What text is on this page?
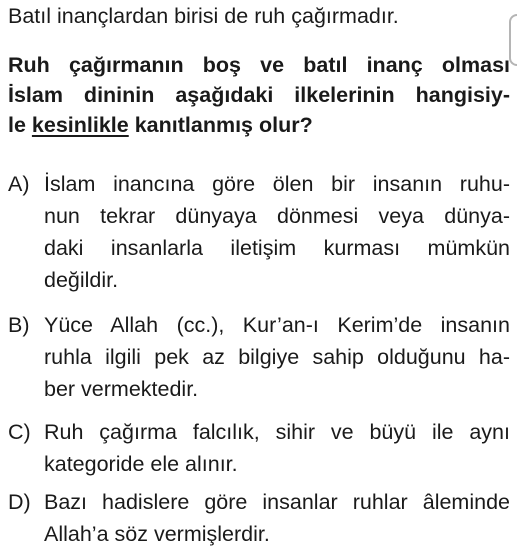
Batıl inançlardan birisi de ruh çağırmadır.
Ruh çağırmanın boş ve batıl inanç olması
İslam dininin aşağıdaki ilkelerinin hangisiy-
le kesinlikle kanıtlanmış olur?
A) İslam inancına göre ölen bir insanın ruhu-
nun tekrar dünyaya dönmesi veya dünya-
daki insanlarla iletişim kurması mümkün
değildir.
B) Yüce Allah (cc.), Kur’an-ı Kerim’de insanın
ruhla ilgili pek az bilgiye sahip olduğunu ha-
ber vermektedir.
C) Ruh çağırma falcılık, sihir ve büyü ile aynı
kategoride ele alınır.
D) Bazı hadislere göre insanlar ruhlar âleminde
Allah’a söz vermişlerdir.
